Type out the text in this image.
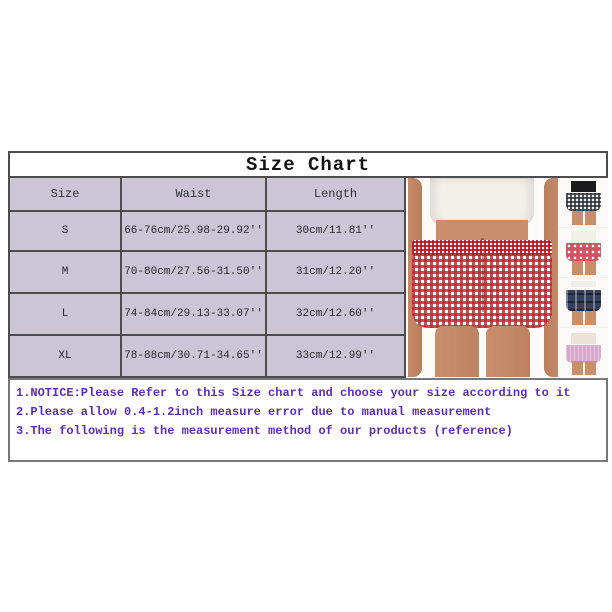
Size Chart
Size	Waist	Length
S	66-76cm/25.98-29.92''	30cm/11.81''
M	70-80cm/27.56-31.50''	31cm/12.20''
L	74-84cm/29.13-33.07''	32cm/12.60''
XL	78-88cm/30.71-34.65''	33cm/12.99''
1.NOTICE:Please Refer to this Size chart and choose your size according to it
2.Please allow 0.4-1.2inch measure error due to manual measurement
3.The following is the measurement method of our products (reference)
